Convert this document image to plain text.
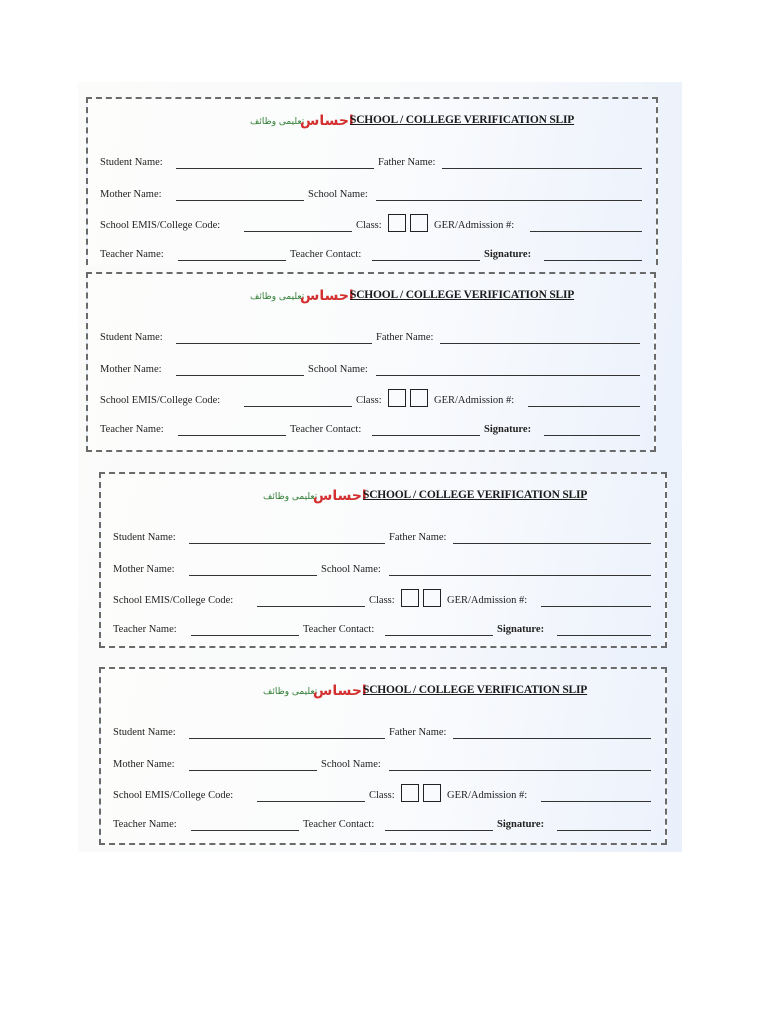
تعلیمی وظائف
احساس
SCHOOL / COLLEGE VERIFICATION SLIP
Student Name:	Father Name:
Mother Name:	School Name:
School EMIS/College Code:	Class:	GER/Admission #:
Teacher Name:	Teacher Contact:	Signature:
تعلیمی وظائف
احساس
SCHOOL / COLLEGE VERIFICATION SLIP
Student Name:	Father Name:
Mother Name:	School Name:
School EMIS/College Code:	Class:	GER/Admission #:
Teacher Name:	Teacher Contact:	Signature:
تعلیمی وظائف
احساس
SCHOOL / COLLEGE VERIFICATION SLIP
Student Name:	Father Name:
Mother Name:	School Name:
School EMIS/College Code:	Class:	GER/Admission #:
Teacher Name:	Teacher Contact:	Signature:
تعلیمی وظائف
احساس
SCHOOL / COLLEGE VERIFICATION SLIP
Student Name:	Father Name:
Mother Name:	School Name:
School EMIS/College Code:	Class:	GER/Admission #:
Teacher Name:	Teacher Contact:	Signature:
